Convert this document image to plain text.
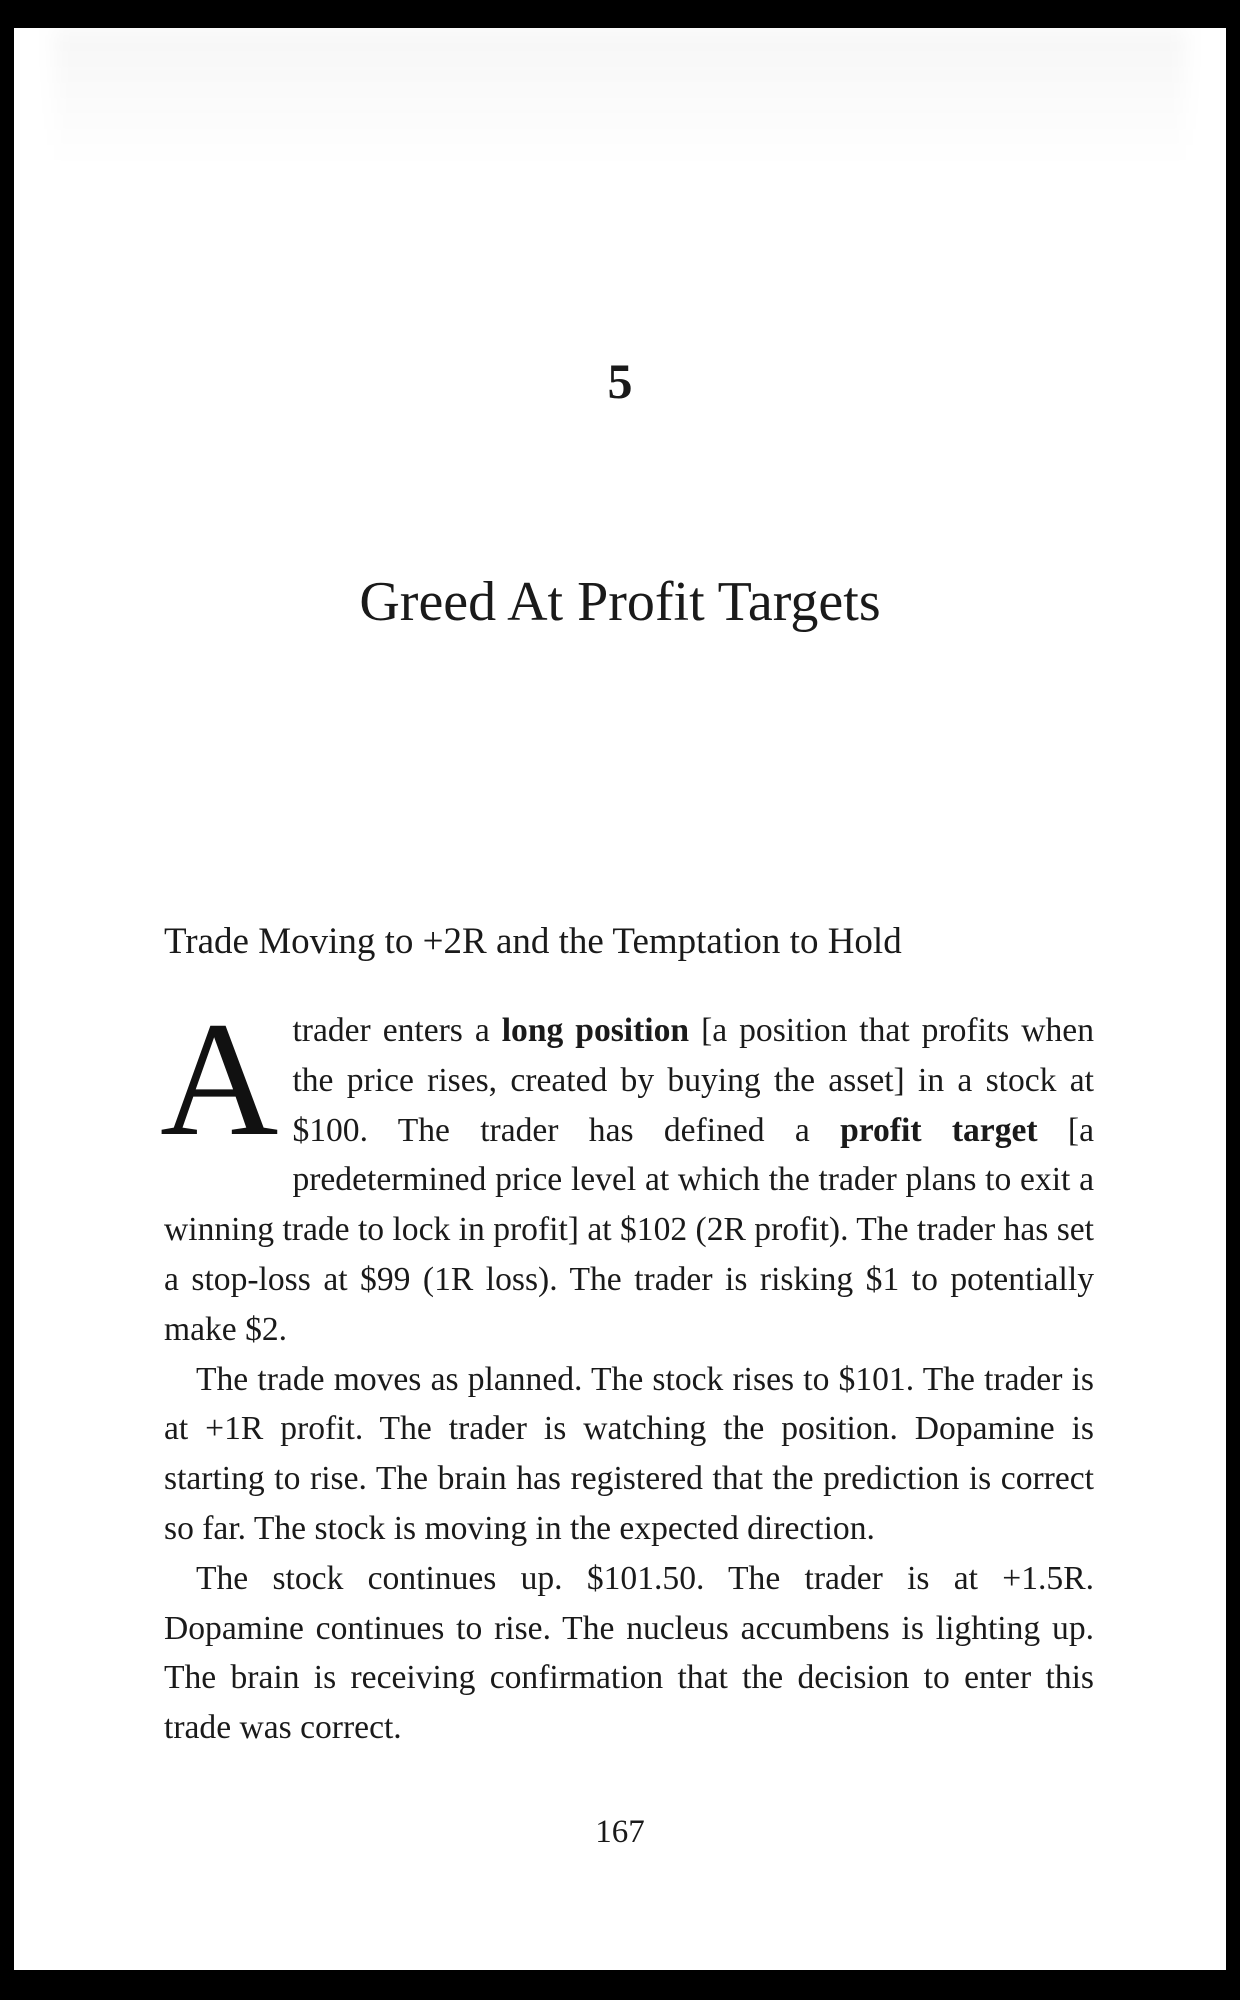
5
Greed At Profit Targets
Trade Moving to +2R and the Temptation to Hold

A trader enters a long position [a position that profits when the price rises, created by buying the asset] in a stock at $100. The trader has defined a profit target [a predetermined price level at which the trader plans to exit a winning trade to lock in profit] at $102 (2R profit). The trader has set a stop-loss at $99 (1R loss). The trader is risking $1 to potentially make $2.

The trade moves as planned. The stock rises to $101. The trader is at +1R profit. The trader is watching the position. Dopamine is starting to rise. The brain has registered that the prediction is correct so far. The stock is moving in the expected direction.

The stock continues up. $101.50. The trader is at +1.5R. Dopamine continues to rise. The nucleus accumbens is lighting up. The brain is receiving confirmation that the decision to enter this trade was correct.

167
